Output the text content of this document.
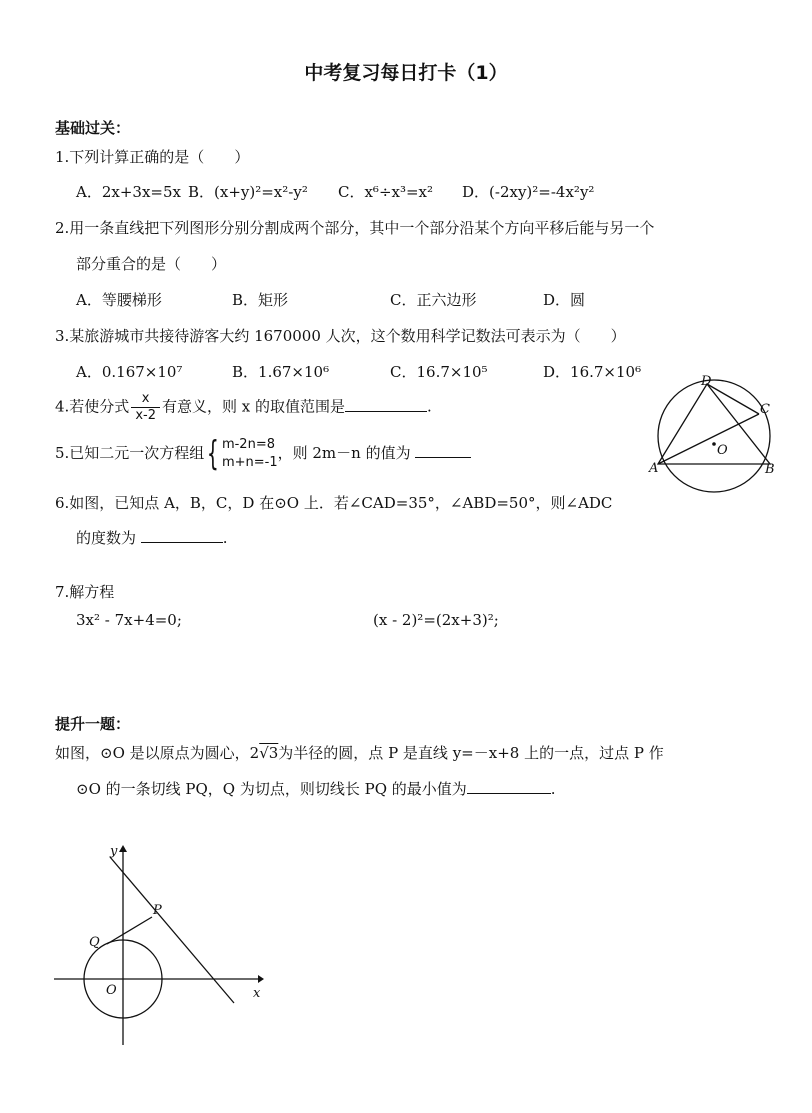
中考复习每日打卡（1）
基础过关：
1.下列计算正确的是（　　）
A．2x+3x=5x B．(x+y)²=x²-y² C．x⁶÷x³=x² D．(-2xy)²=-4x²y²
2.用一条直线把下列图形分别分割成两个部分，其中一个部分沿某个方向平移后能与另一个
部分重合的是（　　）
A．等腰梯形	B．矩形	C．正六边形	D．圆
3.某旅游城市共接待游客大约 1670000 人次，这个数用科学记数法可表示为（　　）
A．0.167×10⁷	B．1.67×10⁶	C．16.7×10⁵	D．16.7×10⁶
4.若使分式 $\frac{x}{x-2}$ 有意义，则 x 的取值范围是	.
5.已知二元一次方程组{ m-2n=8
m+n=-1
，则 2m－n 的值为
6.如图，已知点 A，B，C，D 在⊙O 上．若∠CAD=35°，∠ABD=50°，则∠ADC
的度数为	.
D
C
A	B
O
7.解方程
3x² - 7x+4=0;	(x - 2)²=(2x+3)²;
提升一题：
如图，⊙O 是以原点为圆心，2√3为半径的圆，点 P 是直线 y=－x+8 上的一点，过点 P 作
⊙O 的一条切线 PQ，Q 为切点，则切线长 PQ 的最小值为	.
y
x
P
Q
O
